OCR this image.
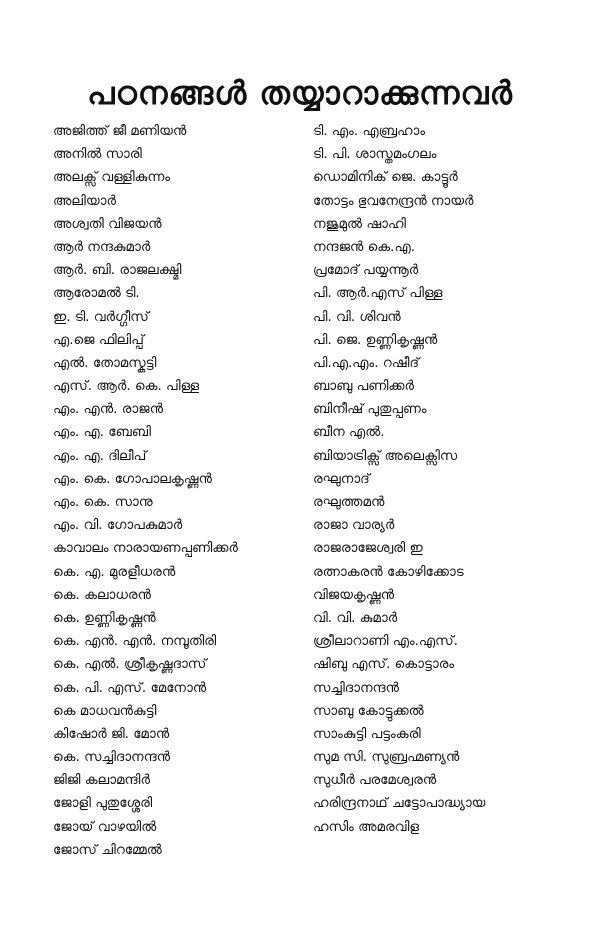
പഠനങ്ങൾ തയ്യാറാക്കുന്നവർ
അജിത്ത് ജീ മണിയൻ
അനിൽ സാരി
അലക്സ് വള്ളികുന്നം
അലിയാർ
അശ്വതി വിജയൻ
ആർ നന്ദകുമാർ
ആർ. ബി. രാജലക്ഷ്മി
ആരോമൽ ടി.
ഇ. ടി. വർഗ്ഗീസ്
എ.ജെ ഫിലിപ്പ്
എൽ. തോമസ്കുട്ടി
എസ്. ആർ. കെ. പിള്ള
എം. എൻ. രാജൻ
എം. എ. ബേബി
എം. എ. ദിലീപ്
എം. കെ. ഗോപാലകൃഷ്ണൻ
എം. കെ. സാനു
എം. വി. ഗോപകുമാർ
കാവാലം നാരായണപ്പണിക്കർ
കെ. എ. മുരളീധരൻ
കെ. കലാധരൻ
കെ. ഉണ്ണികൃഷ്ണൻ
കെ. എൻ. എൻ. നമ്പൂതിരി
കെ. എൽ. ശ്രീകൃഷ്ണദാസ്
കെ. പി. എസ്. മേനോൻ
കെ മാധവൻകുട്ടി
കിഷോർ ജി. മോൻ
കെ. സച്ചിദാനന്ദൻ
ജിജി കലാമന്ദിർ
ജോളി പുതുശ്ശേരി
ജോയ് വാഴയിൽ
ജോസ് ചിറമ്മേൽ
ടി. എം. എബ്രഹാം
ടി. പി. ശാസ്തമംഗലം
ഡൊമിനിക് ജെ. കാട്ടൂർ
തോട്ടം ഭുവനേന്ദ്രൻ നായർ
നജുമുൽ ഷാഹി
നന്ദജൻ കെ.എ.
പ്രമോദ് പയ്യന്നൂർ
പി. ആർ.എസ് പിള്ള
പി. വി. ശിവൻ
പി. ജെ. ഉണ്ണികൃഷ്ണൻ
പി.എ.എം. റഷീദ്
ബാബു പണിക്കർ
ബിനീഷ് പുതുപ്പണം
ബീന എൽ.
ബിയാട്രിക്സ് അലെക്സിസ
രഘുനാദ്
രഘുത്തമൻ
രാജാ വാര്യർ
രാജരാജേശ്വരി ഇ
രത്നാകരൻ കോഴിക്കോട
വിജയകൃഷ്ണൻ
വി. വി. കുമാർ
ശ്രീലാറാണി എം.എസ്.
ഷിബു എസ്. കൊട്ടാരം
സച്ചിദാനന്ദൻ
സാബു കോട്ടുക്കൽ
സാംകുട്ടി പട്ടംകരി
സുമ സി. സുബ്രഹ്മണ്യൻ
സുധീർ പരമേശ്വരൻ
ഹരിന്ദ്രനാഥ് ചട്ടോപാദ്ധ്യായ
ഹസിം അമരവിള
